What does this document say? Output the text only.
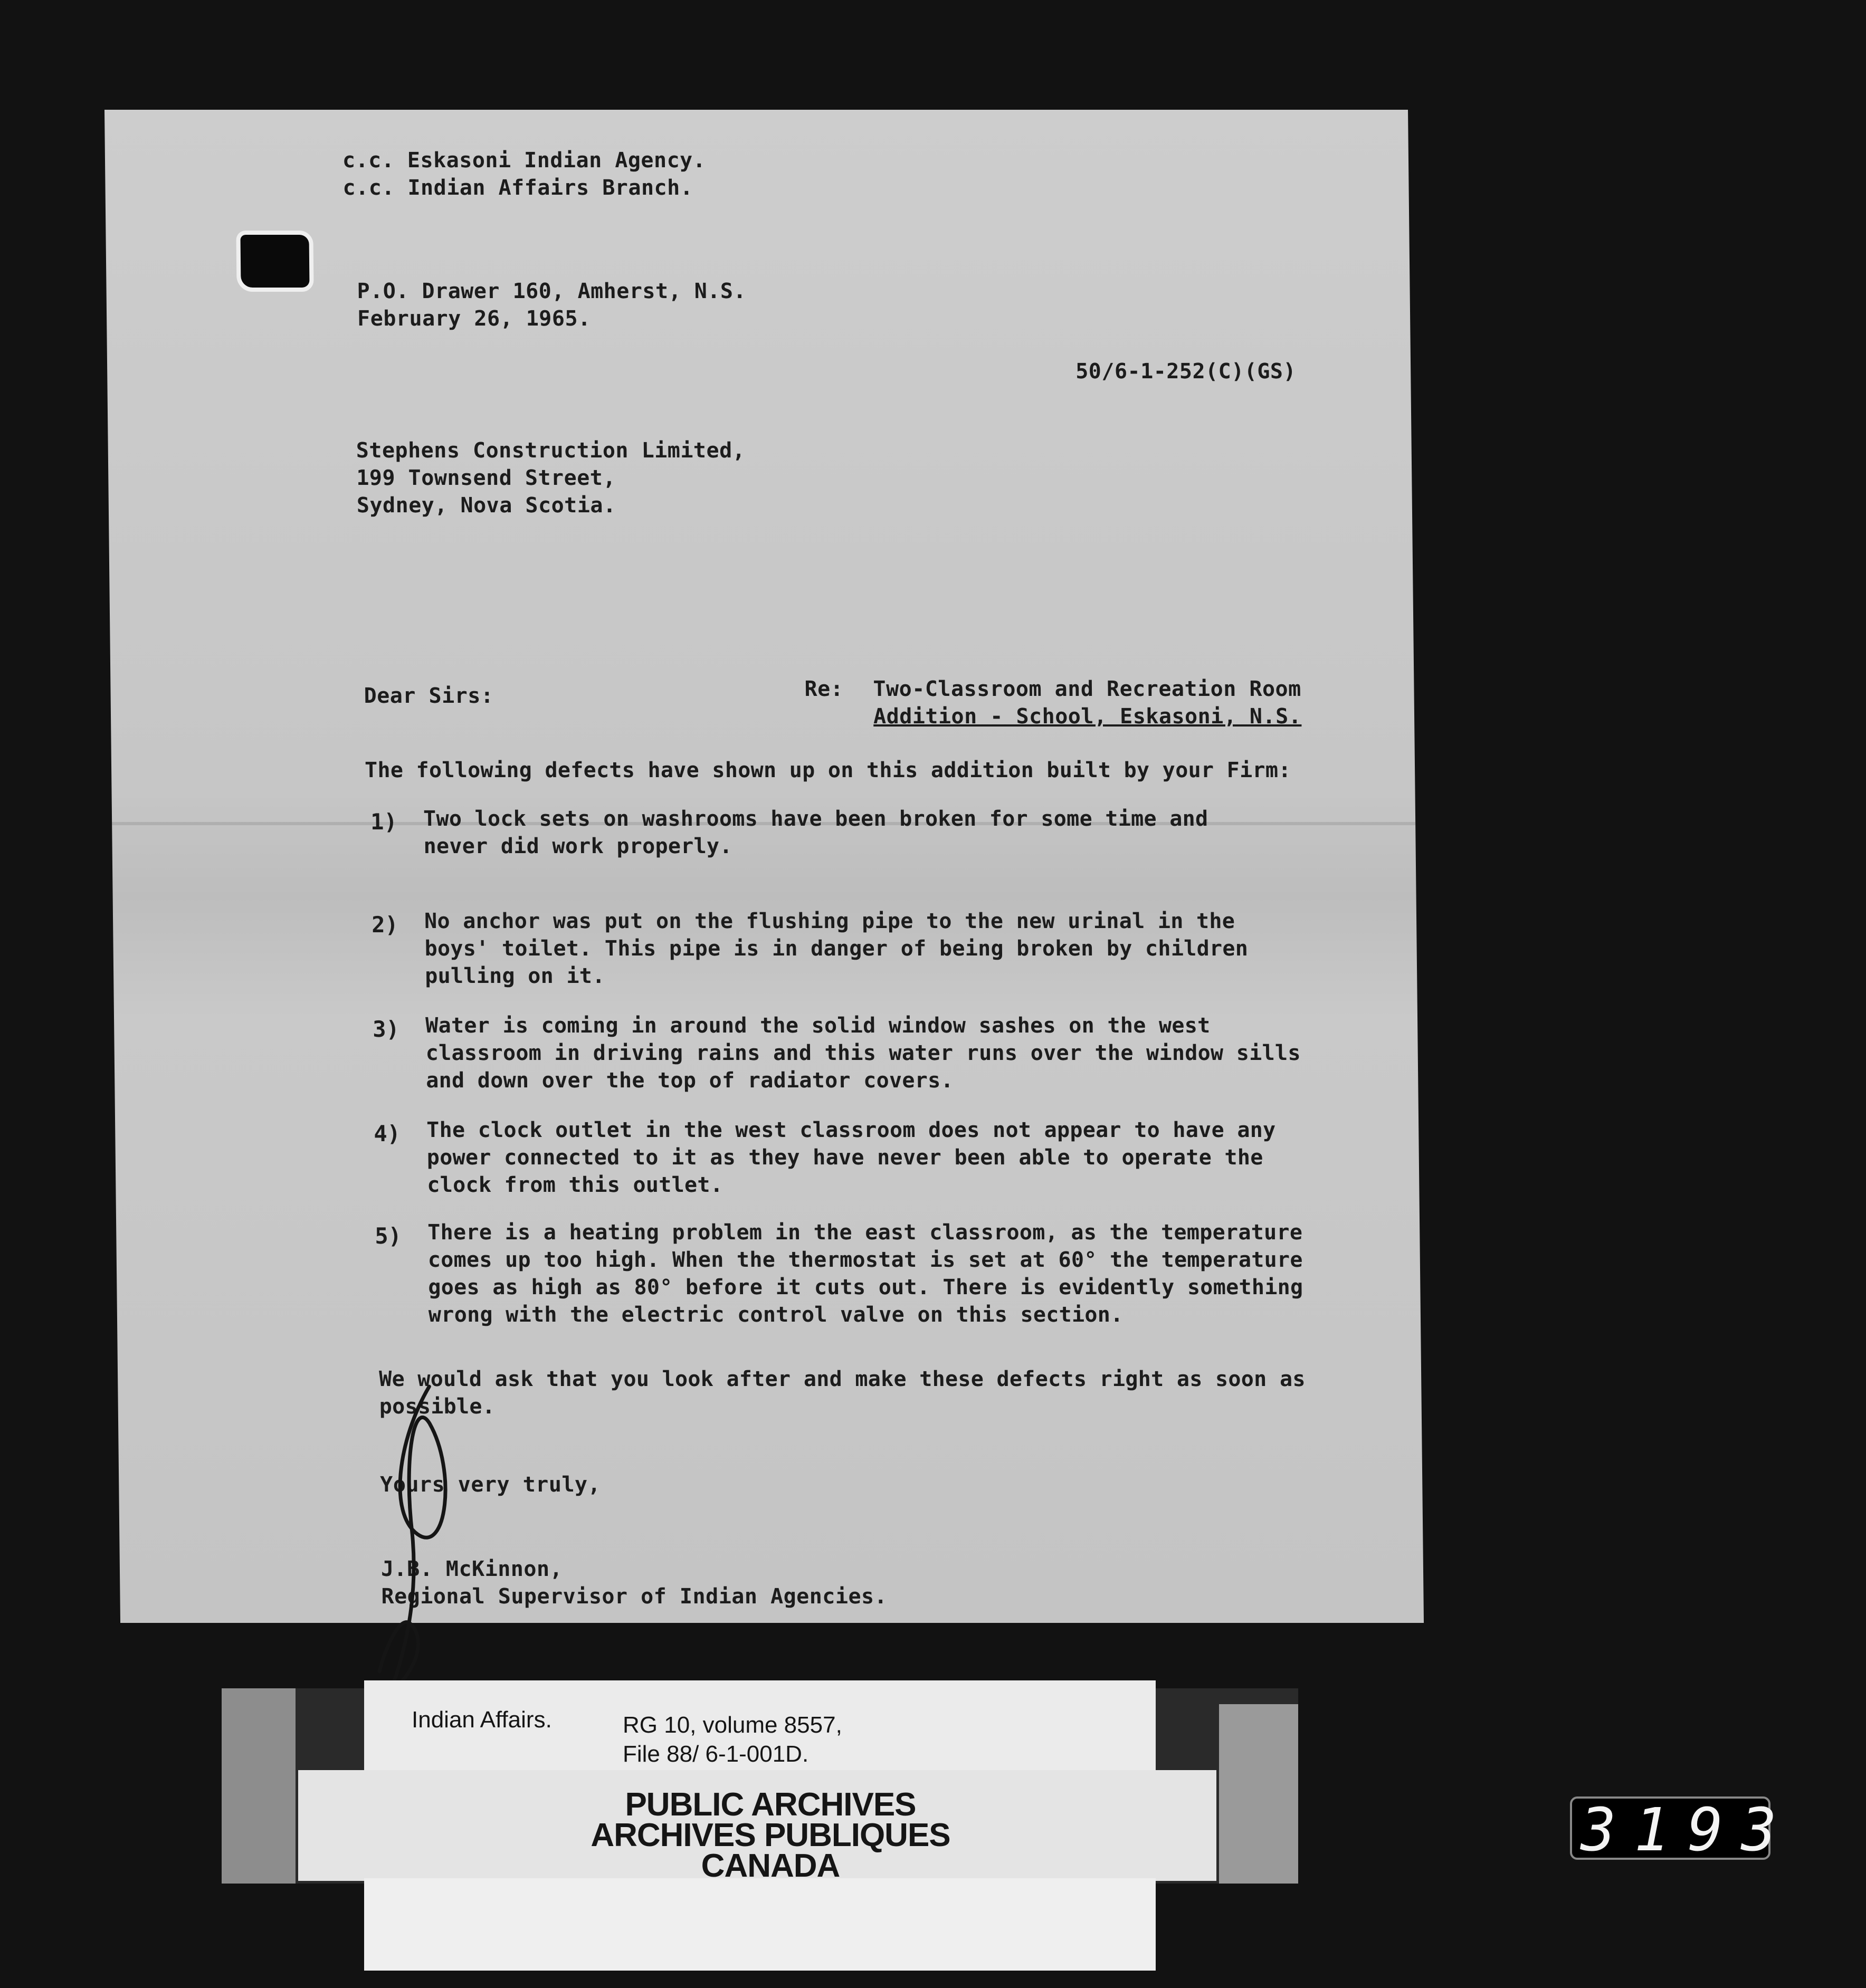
c.c. Eskasoni Indian Agency.
c.c. Indian Affairs Branch.
P.O. Drawer 160, Amherst, N.S.
February 26, 1965.
50/6-1-252(C)(GS)
Stephens Construction Limited,
199 Townsend Street,
Sydney, Nova Scotia.
Dear Sirs:	Re: Two-Classroom and Recreation Room
Addition - School, Eskasoni, N.S.
The following defects have shown up on this addition built by your Firm:
1) Two lock sets on washrooms have been broken for some time and
never did work properly.
2) No anchor was put on the flushing pipe to the new urinal in the
boys' toilet. This pipe is in danger of being broken by children
pulling on it.
3) Water is coming in around the solid window sashes on the west
classroom in driving rains and this water runs over the window sills
and down over the top of radiator covers.
4) The clock outlet in the west classroom does not appear to have any
power connected to it as they have never been able to operate the
clock from this outlet.
5) There is a heating problem in the east classroom, as the temperature
comes up too high. When the thermostat is set at 60° the temperature
goes as high as 80° before it cuts out. There is evidently something
wrong with the electric control valve on this section.
We would ask that you look after and make these defects right as soon as
possible.
Yours very truly,
J.B. McKinnon,
Regional Supervisor of Indian Agencies.
Indian Affairs.	RG 10, volume 8557,
File 88/ 6-1-001D.
PUBLIC ARCHIVES
ARCHIVES PUBLIQUES
CANADA
3193
